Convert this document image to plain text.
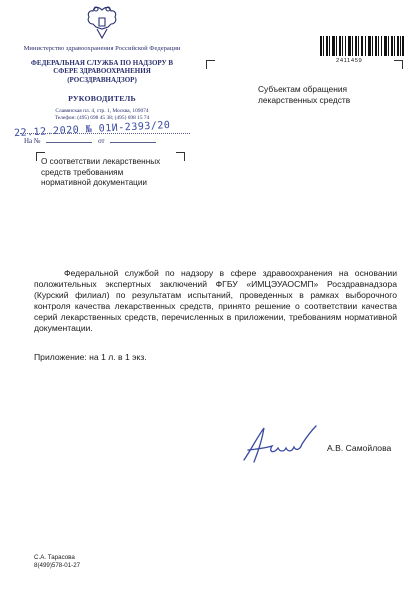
Министерство здравоохранения Российской Федерации
ФЕДЕРАЛЬНАЯ СЛУЖБА ПО НАДЗОРУ В СФЕРЕ ЗДРАВООХРАНЕНИЯ (РОСЗДРАВНАДЗОР)
РУКОВОДИТЕЛЬ
Славянская пл. 4, стр. 1, Москва, 109074
Телефон: (495) 698 45 38; (495) 698 15 74
22.12.2020 № 01И-2393/20
На №	от
О соответствии лекарственных средств требованиям нормативной документации
Субъектам обращения лекарственных средств
2411459
Федеральной службой по надзору в сфере здравоохранения на основании положительных экспертных заключений ФГБУ «ИМЦЭУАОСМП» Росздравнадзора (Курский филиал) по результатам испытаний, проведенных в рамках выборочного контроля качества лекарственных средств, принято решение о соответствии качества серий лекарственных средств, перечисленных в приложении, требованиям нормативной документации.
Приложение: на 1 л. в 1 экз.
А.В. Самойлова
С.А. Тарасова
8(499)578-01-27
